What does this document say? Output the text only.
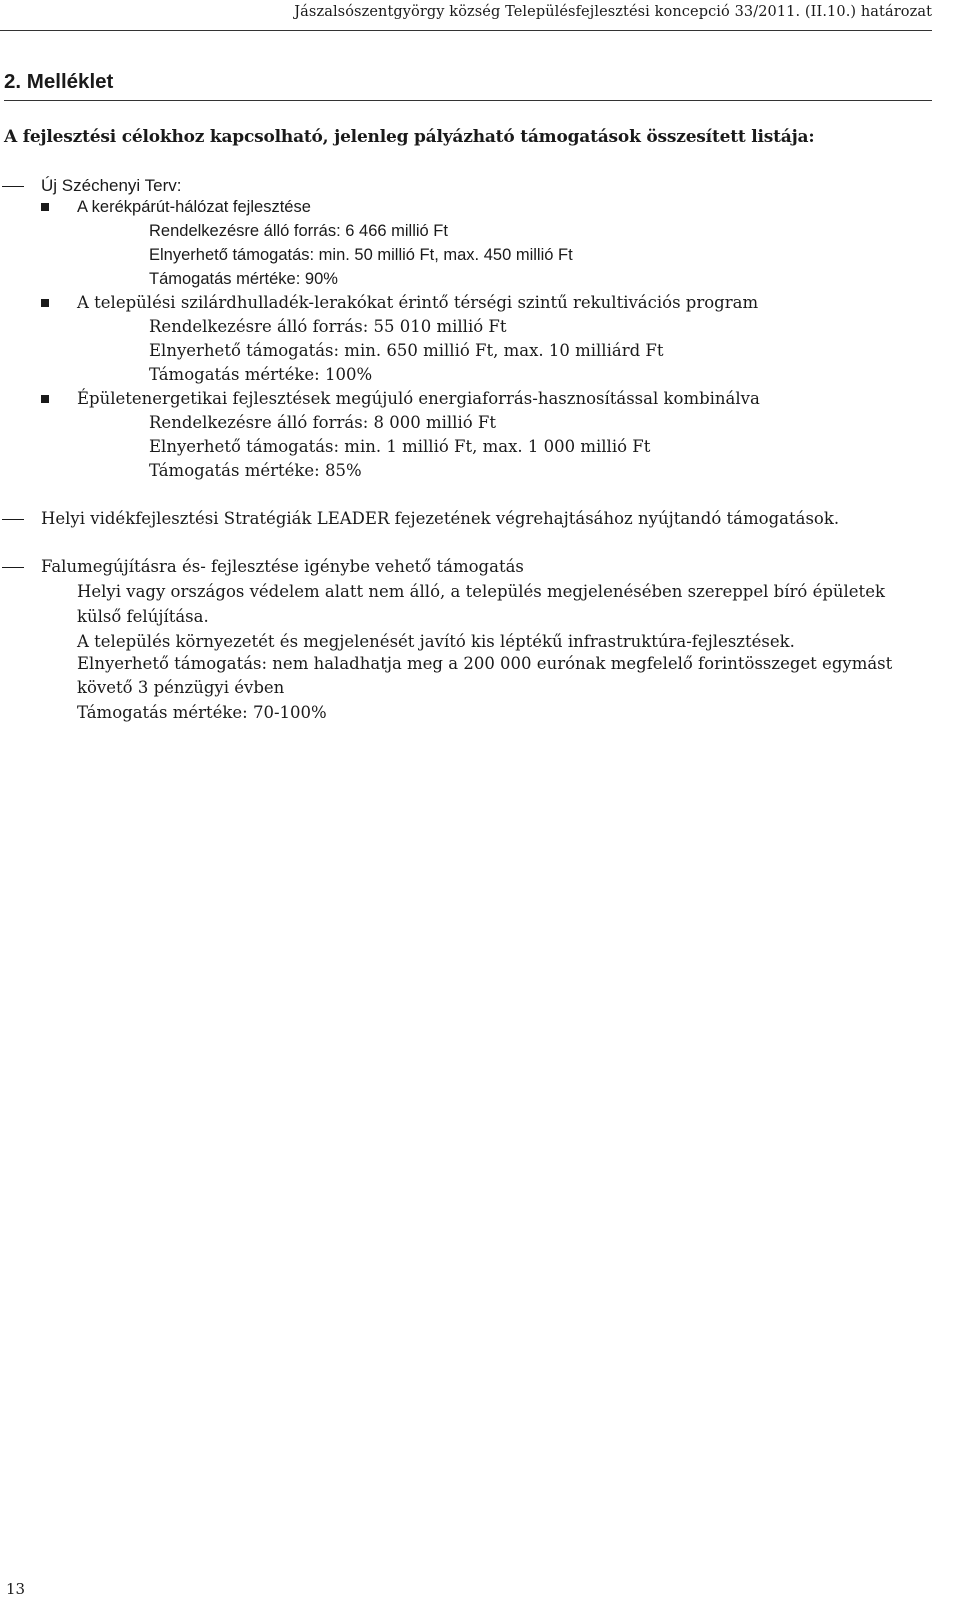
Jászalsószentgyörgy község Településfejlesztési koncepció 33/2011. (II.10.) határozat
2. Melléklet
A fejlesztési célokhoz kapcsolható, jelenleg pályázható támogatások összesített listája:
Új Széchenyi Terv:
A kerékpárút-hálózat fejlesztése
Rendelkezésre álló forrás: 6 466 millió Ft
Elnyerhető támogatás: min. 50 millió Ft, max. 450 millió Ft
Támogatás mértéke: 90%
A települési szilárdhulladék-lerakókat érintő térségi szintű rekultivációs program
Rendelkezésre álló forrás: 55 010 millió Ft
Elnyerhető támogatás: min. 650 millió Ft, max. 10 milliárd Ft
Támogatás mértéke: 100%
Épületenergetikai fejlesztések megújuló energiaforrás-hasznosítással kombinálva
Rendelkezésre álló forrás: 8 000 millió Ft
Elnyerhető támogatás: min. 1 millió Ft, max. 1 000 millió Ft
Támogatás mértéke: 85%
Helyi vidékfejlesztési Stratégiák LEADER fejezetének végrehajtásához nyújtandó támogatások.
Falumegújításra és- fejlesztése igénybe vehető támogatás
Helyi vagy országos védelem alatt nem álló, a település megjelenésében szereppel bíró épületek
külső felújítása.
A település környezetét és megjelenését javító kis léptékű infrastruktúra-fejlesztések.
Elnyerhető támogatás: nem haladhatja meg a 200 000 eurónak megfelelő forintösszeget egymást
követő 3 pénzügyi évben
Támogatás mértéke: 70-100%
13
